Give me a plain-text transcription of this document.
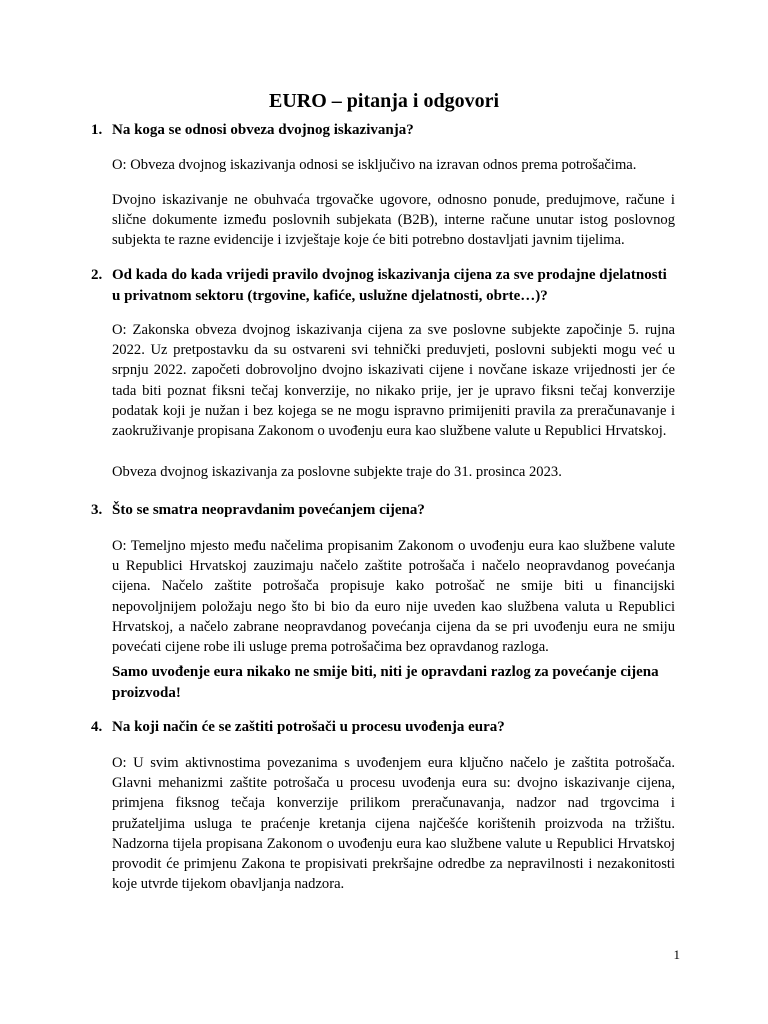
EURO – pitanja i odgovori
1. Na koga se odnosi obveza dvojnog iskazivanja?
O: Obveza dvojnog iskazivanja odnosi se isključivo na izravan odnos prema potrošačima.
Dvojno iskazivanje ne obuhvaća trgovačke ugovore, odnosno ponude, predujmove, račune i slične dokumente između poslovnih subjekata (B2B), interne račune unutar istog poslovnog subjekta te razne evidencije i izvještaje koje će biti potrebno dostavljati javnim tijelima.
2. Od kada do kada vrijedi pravilo dvojnog iskazivanja cijena za sve prodajne djelatnosti u privatnom sektoru (trgovine, kafiće, uslužne djelatnosti, obrte…)?
O: Zakonska obveza dvojnog iskazivanja cijena za sve poslovne subjekte započinje 5. rujna 2022. Uz pretpostavku da su ostvareni svi tehnički preduvjeti, poslovni subjekti mogu već u srpnju 2022. započeti dobrovoljno dvojno iskazivati cijene i novčane iskaze vrijednosti jer će tada biti poznat fiksni tečaj konverzije, no nikako prije, jer je upravo fiksni tečaj konverzije podatak koji je nužan i bez kojega se ne mogu ispravno primijeniti pravila za preračunavanje i zaokruživanje propisana Zakonom o uvođenju eura kao službene valute u Republici Hrvatskoj.
Obveza dvojnog iskazivanja za poslovne subjekte traje do 31. prosinca 2023.
3. Što se smatra neopravdanim povećanjem cijena?
O: Temeljno mjesto među načelima propisanim Zakonom o uvođenju eura kao službene valute u Republici Hrvatskoj zauzimaju načelo zaštite potrošača i načelo neopravdanog povećanja cijena. Načelo zaštite potrošača propisuje kako potrošač ne smije biti u financijski nepovoljnijem položaju nego što bi bio da euro nije uveden kao službena valuta u Republici Hrvatskoj, a načelo zabrane neopravdanog povećanja cijena da se pri uvođenju eura ne smiju povećati cijene robe ili usluge prema potrošačima bez opravdanog razloga.
Samo uvođenje eura nikako ne smije biti, niti je opravdani razlog za povećanje cijena proizvoda!
4. Na koji način će se zaštiti potrošači u procesu uvođenja eura?
O: U svim aktivnostima povezanima s uvođenjem eura ključno načelo je zaštita potrošača. Glavni mehanizmi zaštite potrošača u procesu uvođenja eura su: dvojno iskazivanje cijena, primjena fiksnog tečaja konverzije prilikom preračunavanja, nadzor nad trgovcima i pružateljima usluga te praćenje kretanja cijena najčešće korištenih proizvoda na tržištu. Nadzorna tijela propisana Zakonom o uvođenju eura kao službene valute u Republici Hrvatskoj provodit će primjenu Zakona te propisivati prekršajne odredbe za nepravilnosti i nezakonitosti koje utvrde tijekom obavljanja nadzora.
1
